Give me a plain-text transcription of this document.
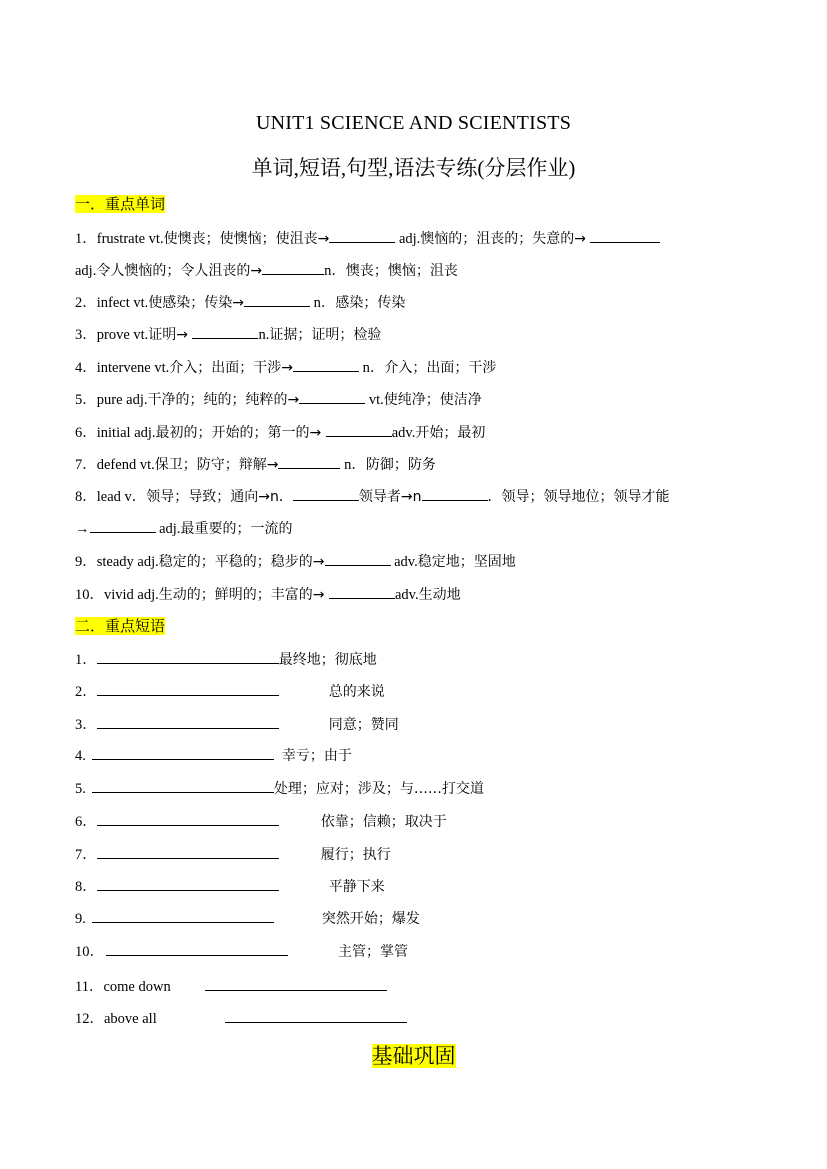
UNIT1 SCIENCE AND SCIENTISTS
单词,短语,句型,语法专练(分层作业)
一．重点单词
1．frustrate vt.使懊丧；使懊恼；使沮丧→	adj.懊恼的；沮丧的；失意的→
adj.令人懊恼的；令人沮丧的→	n．懊丧；懊恼；沮丧
2．infect vt.使感染；传染→	n．感染；传染
3．prove vt.证明→	n.证据；证明；检验
4．intervene vt.介入；出面；干涉→	n．介入；出面；干涉
5．pure adj.干净的；纯的；纯粹的→	vt.使纯净；使洁净
6．initial adj.最初的；开始的；第一的→	adv.开始；最初
7．defend vt.保卫；防守；辩解→	n．防御；防务
8．lead v．领导；导致；通向→n．	领导者→n	．领导；领导地位；领导才能
→	adj.最重要的；一流的
9．steady adj.稳定的；平稳的；稳步的→	adv.稳定地；坚固地
10．vivid adj.生动的；鲜明的；丰富的→	adv.生动地
二．重点短语
1．	最终地；彻底地
2．	总的来说
3．	同意；赞同
4.	幸亏；由于
5.	处理；应对；涉及；与……打交道
6．	依靠；信赖；取决于
7．	履行；执行
8．	平静下来
9.	突然开始；爆发
10．	主管；掌管
11．come down
12．above all
基础巩固
